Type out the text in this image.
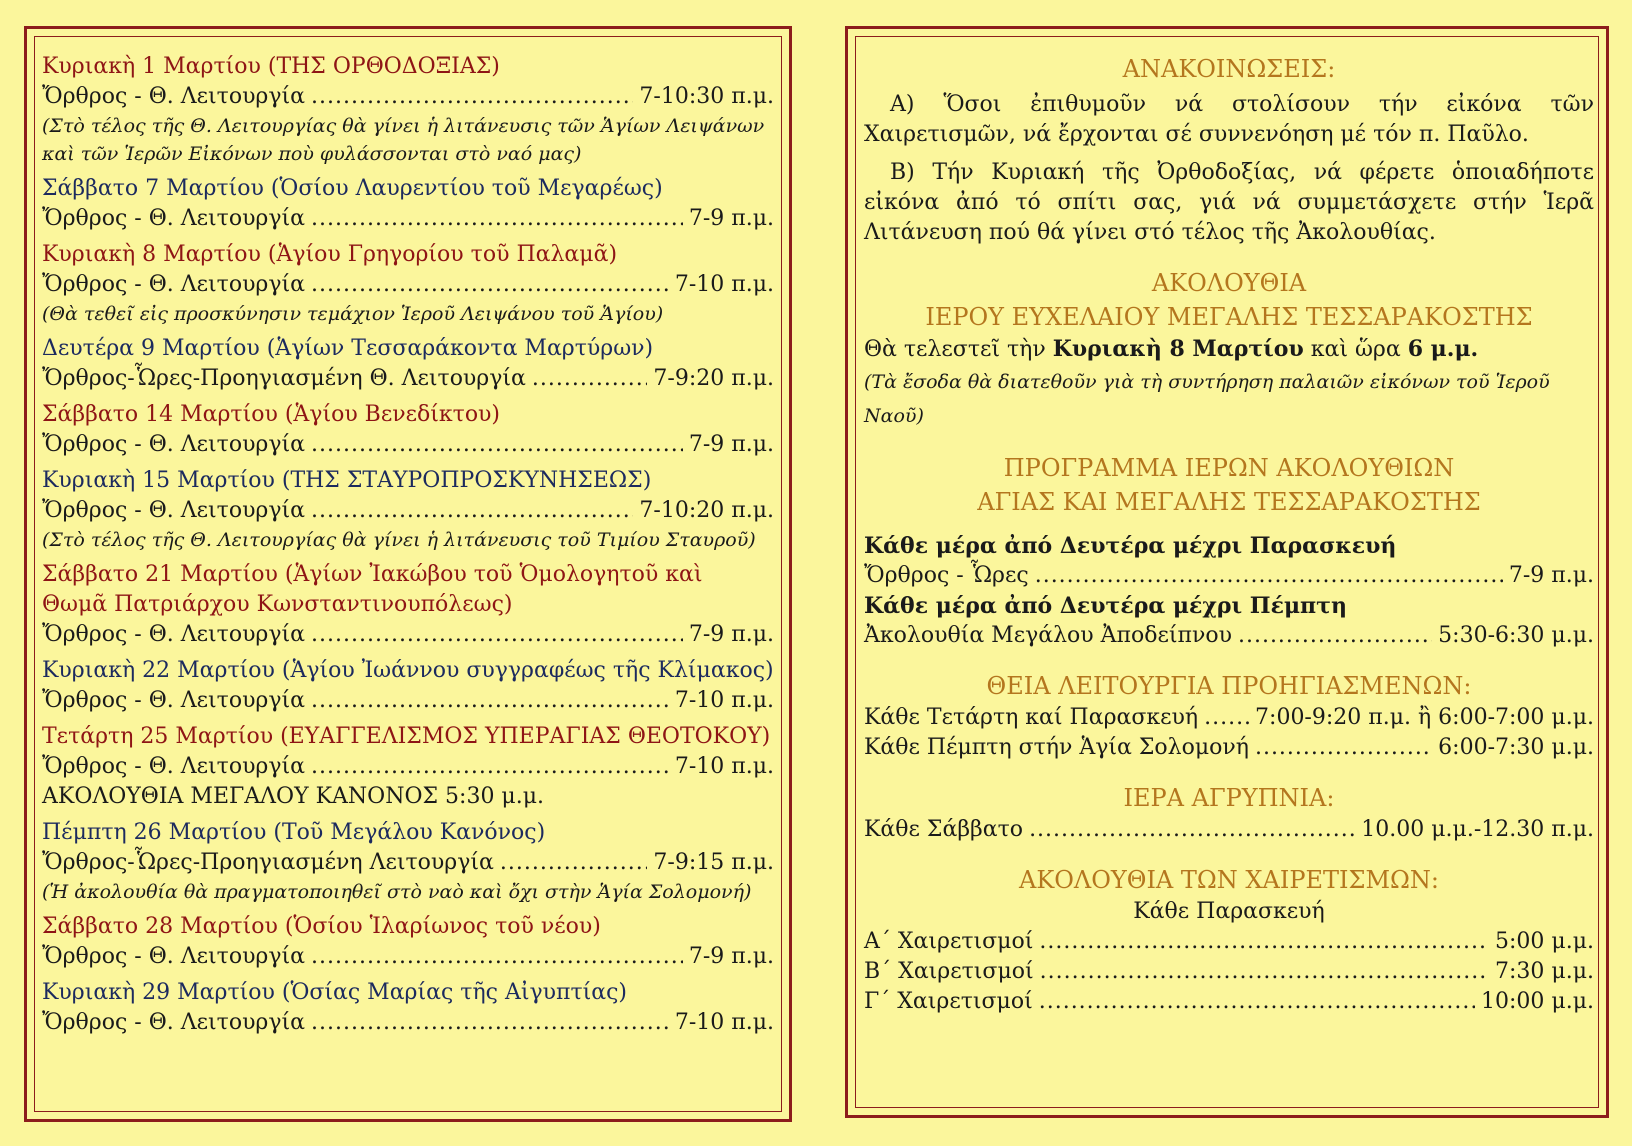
Κυριακὴ 1 Μαρτίου (ΤΗΣ ΟΡΘΟΔΟΞΙΑΣ)
Ὄρθρος - Θ. Λειτουργία .....	7-10:30 π.μ.
(Στὸ τέλος τῆς Θ. Λειτουργίας θὰ γίνει ἡ λιτάνευσις τῶν Ἁγίων Λειψάνων καὶ τῶν Ἱερῶν Εἰκόνων ποὺ φυλάσσονται στὸ ναό μας)
Σάββατο 7 Μαρτίου (Ὁσίου Λαυρεντίου τοῦ Μεγαρέως)
Ὄρθρος - Θ. Λειτουργία .....	7-9 π.μ.
Κυριακὴ 8 Μαρτίου (Ἁγίου Γρηγορίου τοῦ Παλαμᾶ)
Ὄρθρος - Θ. Λειτουργία .....	7-10 π.μ.
(Θὰ τεθεῖ εἰς προσκύνησιν τεμάχιον Ἱεροῦ Λειψάνου τοῦ Ἁγίου)
Δευτέρα 9 Μαρτίου (Ἁγίων Τεσσαράκοντα Μαρτύρων)
Ὄρθρος-Ὧρες-Προηγιασμένη Θ. Λειτουργία .....	7-9:20 π.μ.
Σάββατο 14 Μαρτίου (Ἁγίου Βενεδίκτου)
Ὄρθρος - Θ. Λειτουργία .....	7-9 π.μ.
Κυριακὴ 15 Μαρτίου (ΤΗΣ ΣΤΑΥΡΟΠΡΟΣΚΥΝΗΣΕΩΣ)
Ὄρθρος - Θ. Λειτουργία .....	7-10:20 π.μ.
(Στὸ τέλος τῆς Θ. Λειτουργίας θὰ γίνει ἡ λιτάνευσις τοῦ Τιμίου Σταυροῦ)
Σάββατο 21 Μαρτίου (Ἁγίων Ἰακώβου τοῦ Ὁμολογητοῦ καὶ Θωμᾶ Πατριάρχου Κωνσταντινουπόλεως)
Ὄρθρος - Θ. Λειτουργία .....	7-9 π.μ.
Κυριακὴ 22 Μαρτίου (Ἁγίου Ἰωάννου συγγραφέως τῆς Κλίμακος)
Ὄρθρος - Θ. Λειτουργία .....	7-10 π.μ.
Τετάρτη 25 Μαρτίου (ΕΥΑΓΓΕΛΙΣΜΟΣ ΥΠΕΡΑΓΙΑΣ ΘΕΟΤΟΚΟΥ)
Ὄρθρος - Θ. Λειτουργία .....	7-10 π.μ.
ΑΚΟΛΟΥΘΙΑ ΜΕΓΑΛΟΥ ΚΑΝΟΝΟΣ 5:30 μ.μ.
Πέμπτη 26 Μαρτίου (Τοῦ Μεγάλου Κανόνος)
Ὄρθρος-Ὧρες-Προηγιασμένη Λειτουργία .....	7-9:15 π.μ.
(Ἡ ἀκολουθία θὰ πραγματοποιηθεῖ στὸ ναὸ καὶ ὄχι στὴν Ἁγία Σολομονή)
Σάββατο 28 Μαρτίου (Ὁσίου Ἱλαρίωνος τοῦ νέου)
Ὄρθρος - Θ. Λειτουργία .....	7-9 π.μ.
Κυριακὴ 29 Μαρτίου (Ὁσίας Μαρίας τῆς Αἰγυπτίας)
Ὄρθρος - Θ. Λειτουργία .....	7-10 π.μ.
ΑΝΑΚΟΙΝΩΣΕΙΣ:
Α) Ὅσοι ἐπιθυμοῦν νά στολίσουν τήν εἰκόνα τῶν Χαιρετισμῶν, νά ἔρχονται σέ συννενόηση μέ τόν π. Παῦλο.
Β) Τήν Κυριακή τῆς Ὀρθοδοξίας, νά φέρετε ὁποιαδήποτε εἰκόνα ἀπό τό σπίτι σας, γιά νά συμμετάσχετε στήν Ἱερᾶ Λιτάνευση πού θά γίνει στό τέλος τῆς Ἀκολουθίας.
ΑΚΟΛΟΥΘΙΑ
ΙΕΡΟΥ ΕΥΧΕΛΑΙΟΥ ΜΕΓΑΛΗΣ ΤΕΣΣΑΡΑΚΟΣΤΗΣ
Θὰ τελεστεῖ τὴν Κυριακὴ 8 Μαρτίου καὶ ὥρα 6 μ.μ.
(Τὰ ἔσοδα θὰ διατεθοῦν γιὰ τὴ συντήρηση παλαιῶν εἰκόνων τοῦ Ἱεροῦ Ναοῦ)
ΠΡΟΓΡΑΜΜΑ ΙΕΡΩΝ ΑΚΟΛΟΥΘΙΩΝ
ΑΓΙΑΣ ΚΑΙ ΜΕΓΑΛΗΣ ΤΕΣΣΑΡΑΚΟΣΤΗΣ
Κάθε μέρα ἀπό Δευτέρα μέχρι Παρασκευή
Ὄρθρος - Ὧρες .....	7-9 π.μ.
Κάθε μέρα ἀπό Δευτέρα μέχρι Πέμπτη
Ἀκολουθία Μεγάλου Ἀποδείπνου .....	5:30-6:30 μ.μ.
ΘΕΙΑ ΛΕΙΤΟΥΡΓΙΑ ΠΡΟΗΓΙΑΣΜΕΝΩΝ:
Κάθε Τετάρτη καί Παρασκευή .....	7:00-9:20 π.μ. ἢ 6:00-7:00 μ.μ.
Κάθε Πέμπτη στήν Ἁγία Σολομονή .....	6:00-7:30 μ.μ.
ΙΕΡΑ ΑΓΡΥΠΝΙΑ:
Κάθε Σάββατο .....	10.00 μ.μ.-12.30 π.μ.
ΑΚΟΛΟΥΘΙΑ ΤΩΝ ΧΑΙΡΕΤΙΣΜΩΝ:
Κάθε Παρασκευή
Α΄ Χαιρετισμοί .....	5:00 μ.μ.
Β΄ Χαιρετισμοί .....	7:30 μ.μ.
Γ΄ Χαιρετισμοί .....	10:00 μ.μ.
